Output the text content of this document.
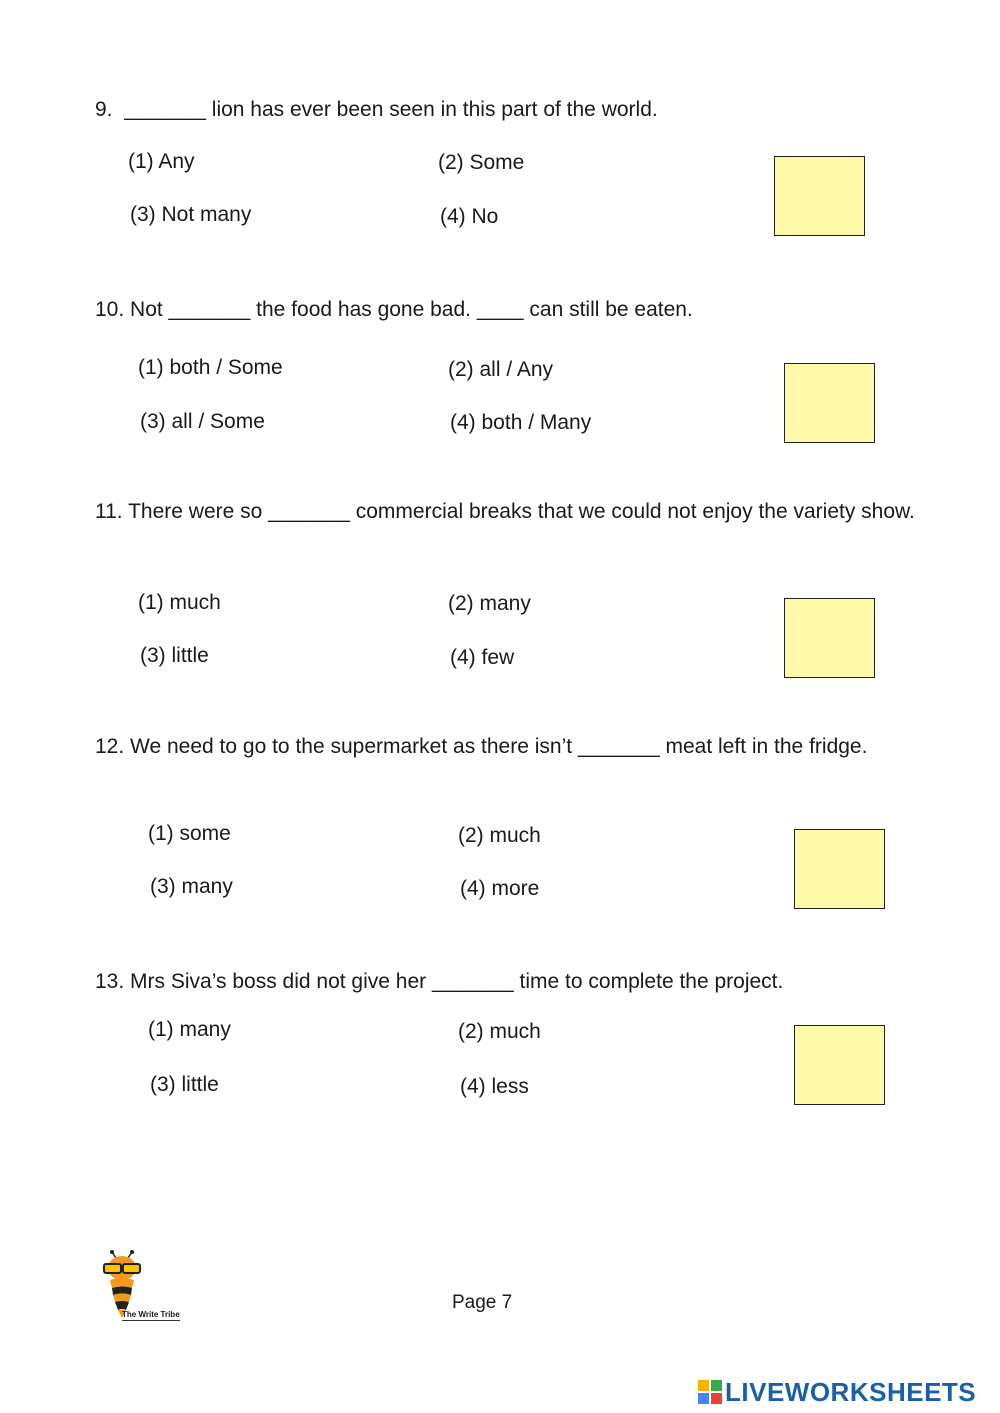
9. _______ lion has ever been seen in this part of the world.
(1) Any	(2) Some
(3) Not many	(4) No
10. Not _______ the food has gone bad. ____ can still be eaten.
(1) both / Some	(2) all / Any
(3) all / Some	(4) both / Many
11. There were so _______ commercial breaks that we could not enjoy the variety show.
(1) much	(2) many
(3) little	(4) few
12. We need to go to the supermarket as there isn’t _______ meat left in the fridge.
(1) some	(2) much
(3) many	(4) more
13. Mrs Siva’s boss did not give her _______ time to complete the project.
(1) many	(2) much
(3) little	(4) less
The Write Tribe
Page 7
LIVEWORKSHEETS
